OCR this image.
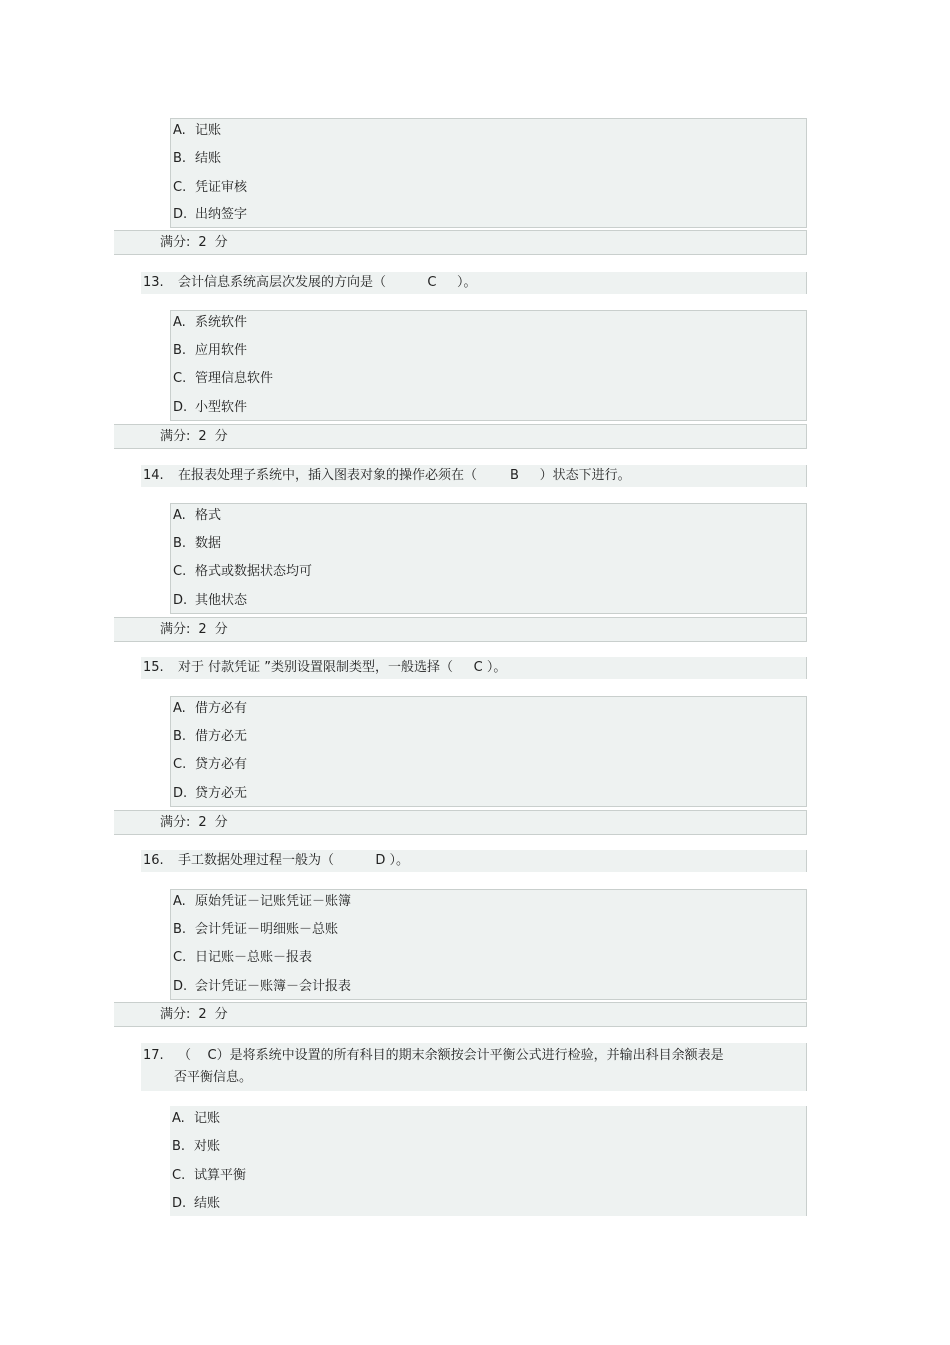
A. 记账
B. 结账
C. 凭证审核
D. 出纳签字
满分: 2 分
13. 会计信息系统高层次发展的方向是（          C     ）。
A. 系统软件
B. 应用软件
C. 管理信息软件
D. 小型软件
满分: 2 分
14. 在报表处理子系统中，插入图表对象的操作必须在（        B     ）状态下进行。
A. 格式
B. 数据
C. 格式或数据状态均可
D. 其他状态
满分: 2 分
15. 对于 付款凭证 ”类别设置限制类型，一般选择（     C ）。
A. 借方必有
B. 借方必无
C. 贷方必有
D. 贷方必无
满分: 2 分
16. 手工数据处理过程一般为（          D ）。
A. 原始凭证－记账凭证－账簿
B. 会计凭证－明细账－总账
C. 日记账－总账－报表
D. 会计凭证－账簿－会计报表
满分: 2 分
17. （    C）是将系统中设置的所有科目的期末余额按会计平衡公式进行检验，并输出科目余额表是
否平衡信息。
A. 记账
B. 对账
C. 试算平衡
D. 结账
